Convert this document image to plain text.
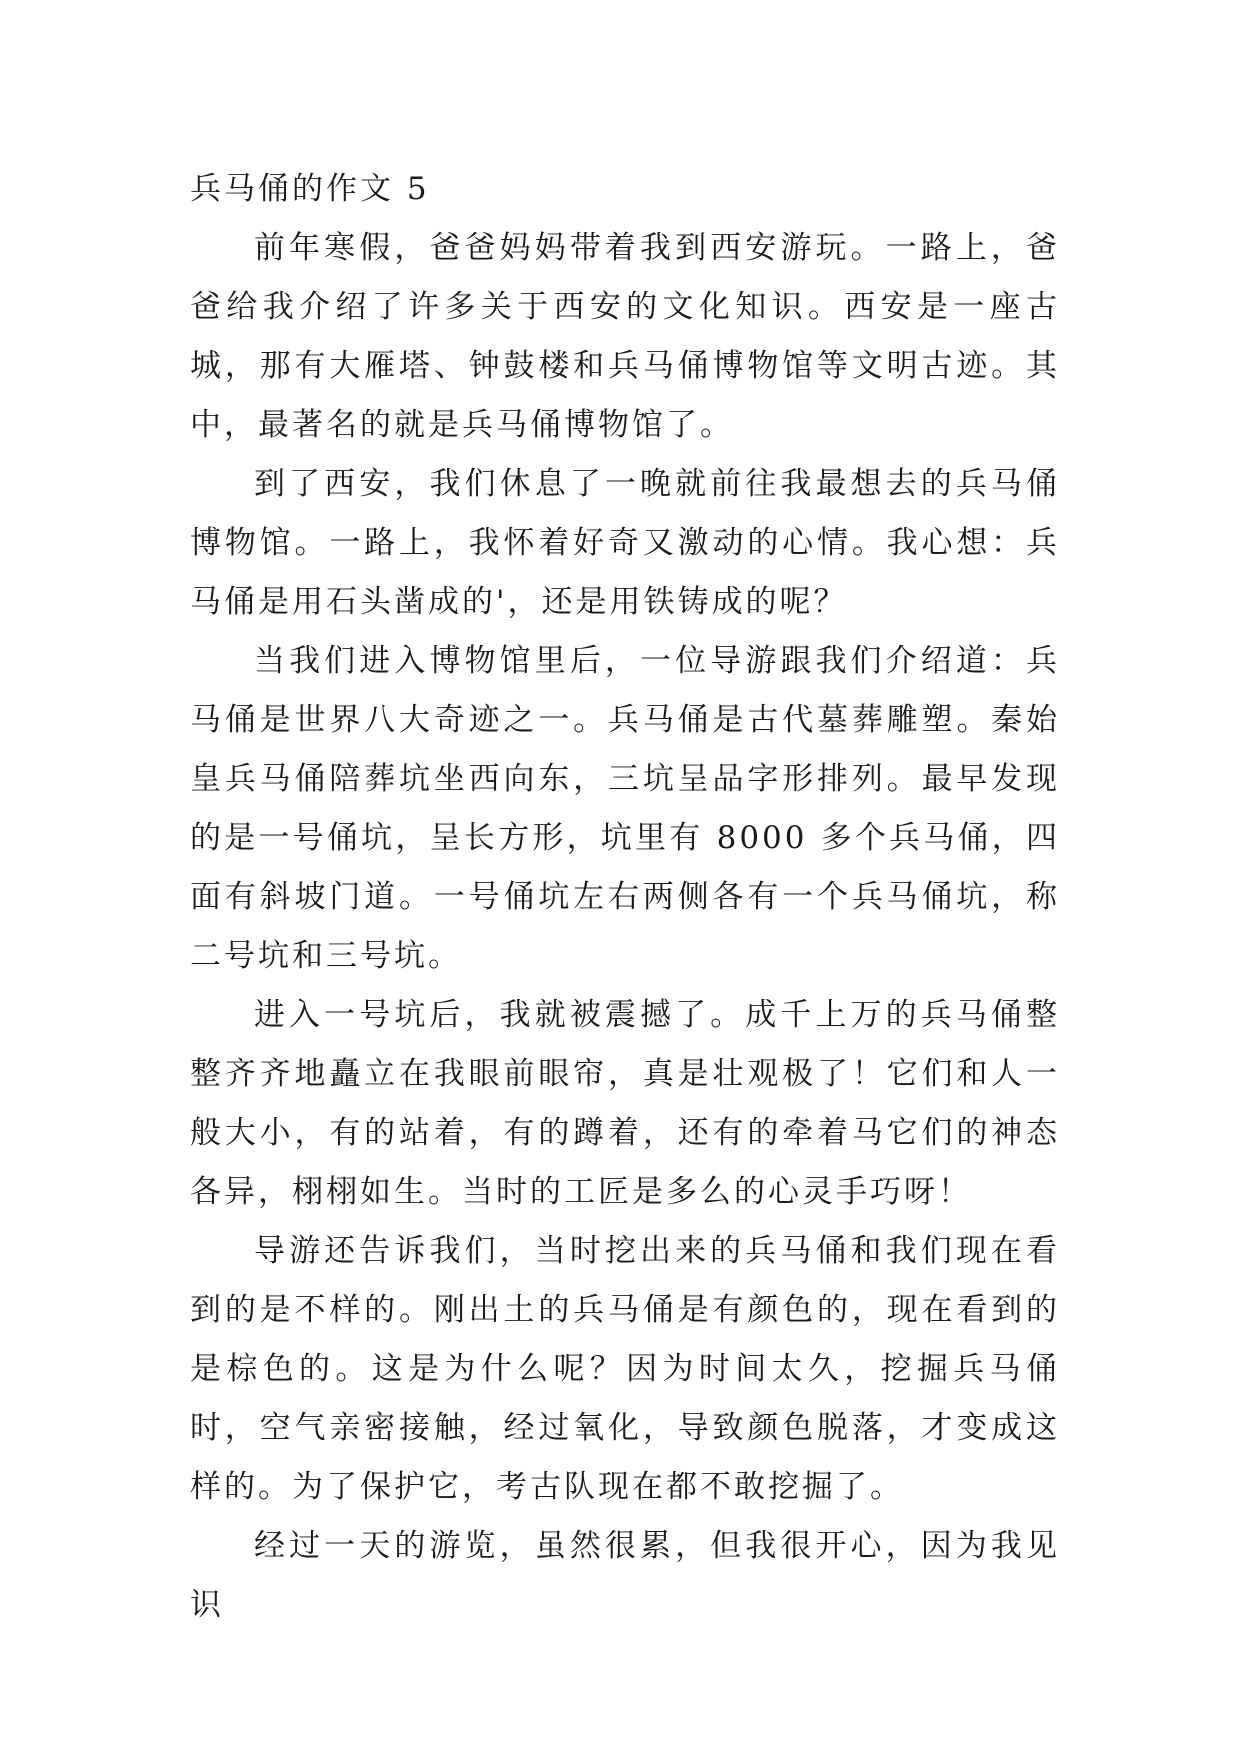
兵马俑的作文 5

前年寒假，爸爸妈妈带着我到西安游玩。一路上，爸爸给我介绍了许多关于西安的文化知识。西安是一座古城，那有大雁塔、钟鼓楼和兵马俑博物馆等文明古迹。其中，最著名的就是兵马俑博物馆了。

到了西安，我们休息了一晚就前往我最想去的兵马俑博物馆。一路上，我怀着好奇又激动的心情。我心想：兵马俑是用石头凿成的'，还是用铁铸成的呢？

当我们进入博物馆里后，一位导游跟我们介绍道：兵马俑是世界八大奇迹之一。兵马俑是古代墓葬雕塑。秦始皇兵马俑陪葬坑坐西向东，三坑呈品字形排列。最早发现的是一号俑坑，呈长方形，坑里有 8000 多个兵马俑，四面有斜坡门道。一号俑坑左右两侧各有一个兵马俑坑，称二号坑和三号坑。

进入一号坑后，我就被震撼了。成千上万的兵马俑整整齐齐地矗立在我眼前眼帘，真是壮观极了！它们和人一般大小，有的站着，有的蹲着，还有的牵着马它们的神态各异，栩栩如生。当时的工匠是多么的心灵手巧呀！

导游还告诉我们，当时挖出来的兵马俑和我们现在看到的是不样的。刚出土的兵马俑是有颜色的，现在看到的是棕色的。这是为什么呢？因为时间太久，挖掘兵马俑时，空气亲密接触，经过氧化，导致颜色脱落，才变成这样的。为了保护它，考古队现在都不敢挖掘了。

经过一天的游览，虽然很累，但我很开心，因为我见识
